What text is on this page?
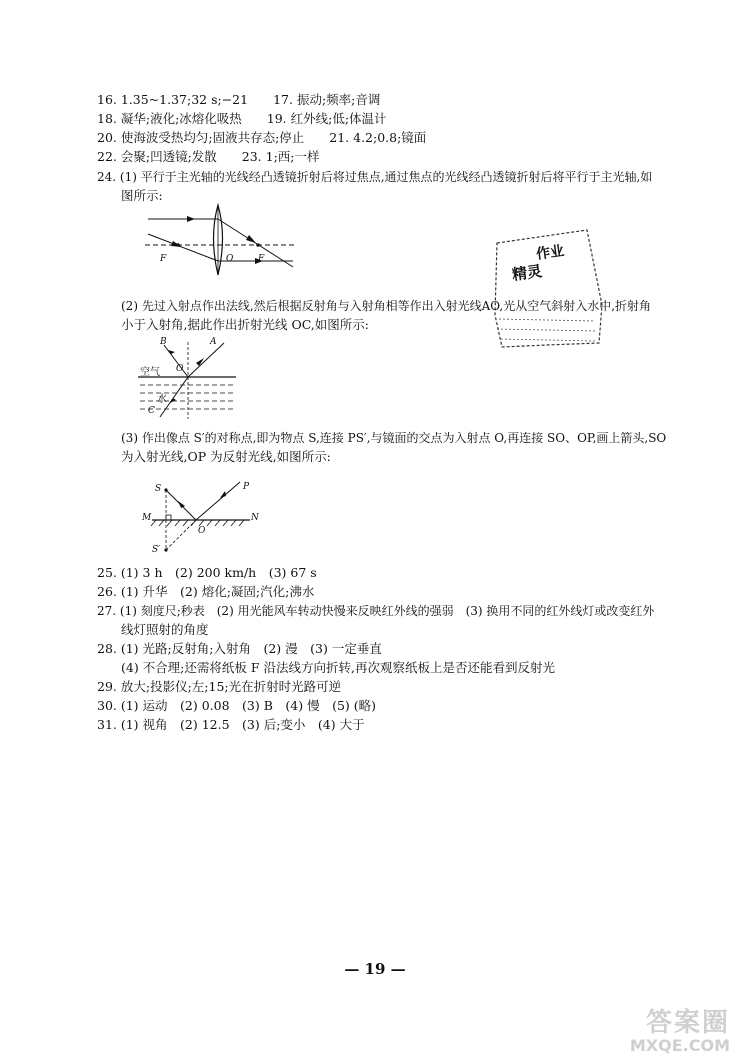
16. 1.35~1.37;32 s;−21　　17. 振动;频率;音调
18. 凝华;液化;冰熔化吸热　　19. 红外线;低;体温计
20. 使海波受热均匀;固液共存态;停止　　21. 4.2;0.8;镜面
22. 会聚;凹透镜;发散　　23. 1;西;一样
24. (1) 平行于主光轴的光线经凸透镜折射后将过焦点,通过焦点的光线经凸透镜折射后将平行于主光轴,如
图所示:
F	O	F	作业
精灵
(2) 先过入射点作出法线,然后根据反射角与入射角相等作出入射光线AO,光从空气斜射入水中,折射角
小于入射角,据此作出折射光线 OC,如图所示:
B	A
O
空气
水
C
(3) 作出像点 S′的对称点,即为物点 S,连接 PS′,与镜面的交点为入射点 O,再连接 SO、OP,画上箭头,SO
为入射光线,OP 为反射光线,如图所示:
S	P
M	N
O
S′
25. (1) 3 h　(2) 200 km/h　(3) 67 s
26. (1) 升华　(2) 熔化;凝固;汽化;沸水
27. (1) 刻度尺;秒表　(2) 用光能风车转动快慢来反映红外线的强弱　(3) 换用不同的红外线灯或改变红外
线灯照射的角度
28. (1) 光路;反射角;入射角　(2) 漫　(3) 一定垂直
(4) 不合理;还需将纸板 F 沿法线方向折转,再次观察纸板上是否还能看到反射光
29. 放大;投影仪;左;15;光在折射时光路可逆
30. (1) 运动　(2) 0.08　(3) B　(4) 慢　(5) (略)
31. (1) 视角　(2) 12.5　(3) 后;变小　(4) 大于
— 19 —
答案圈
MXQE.COM
